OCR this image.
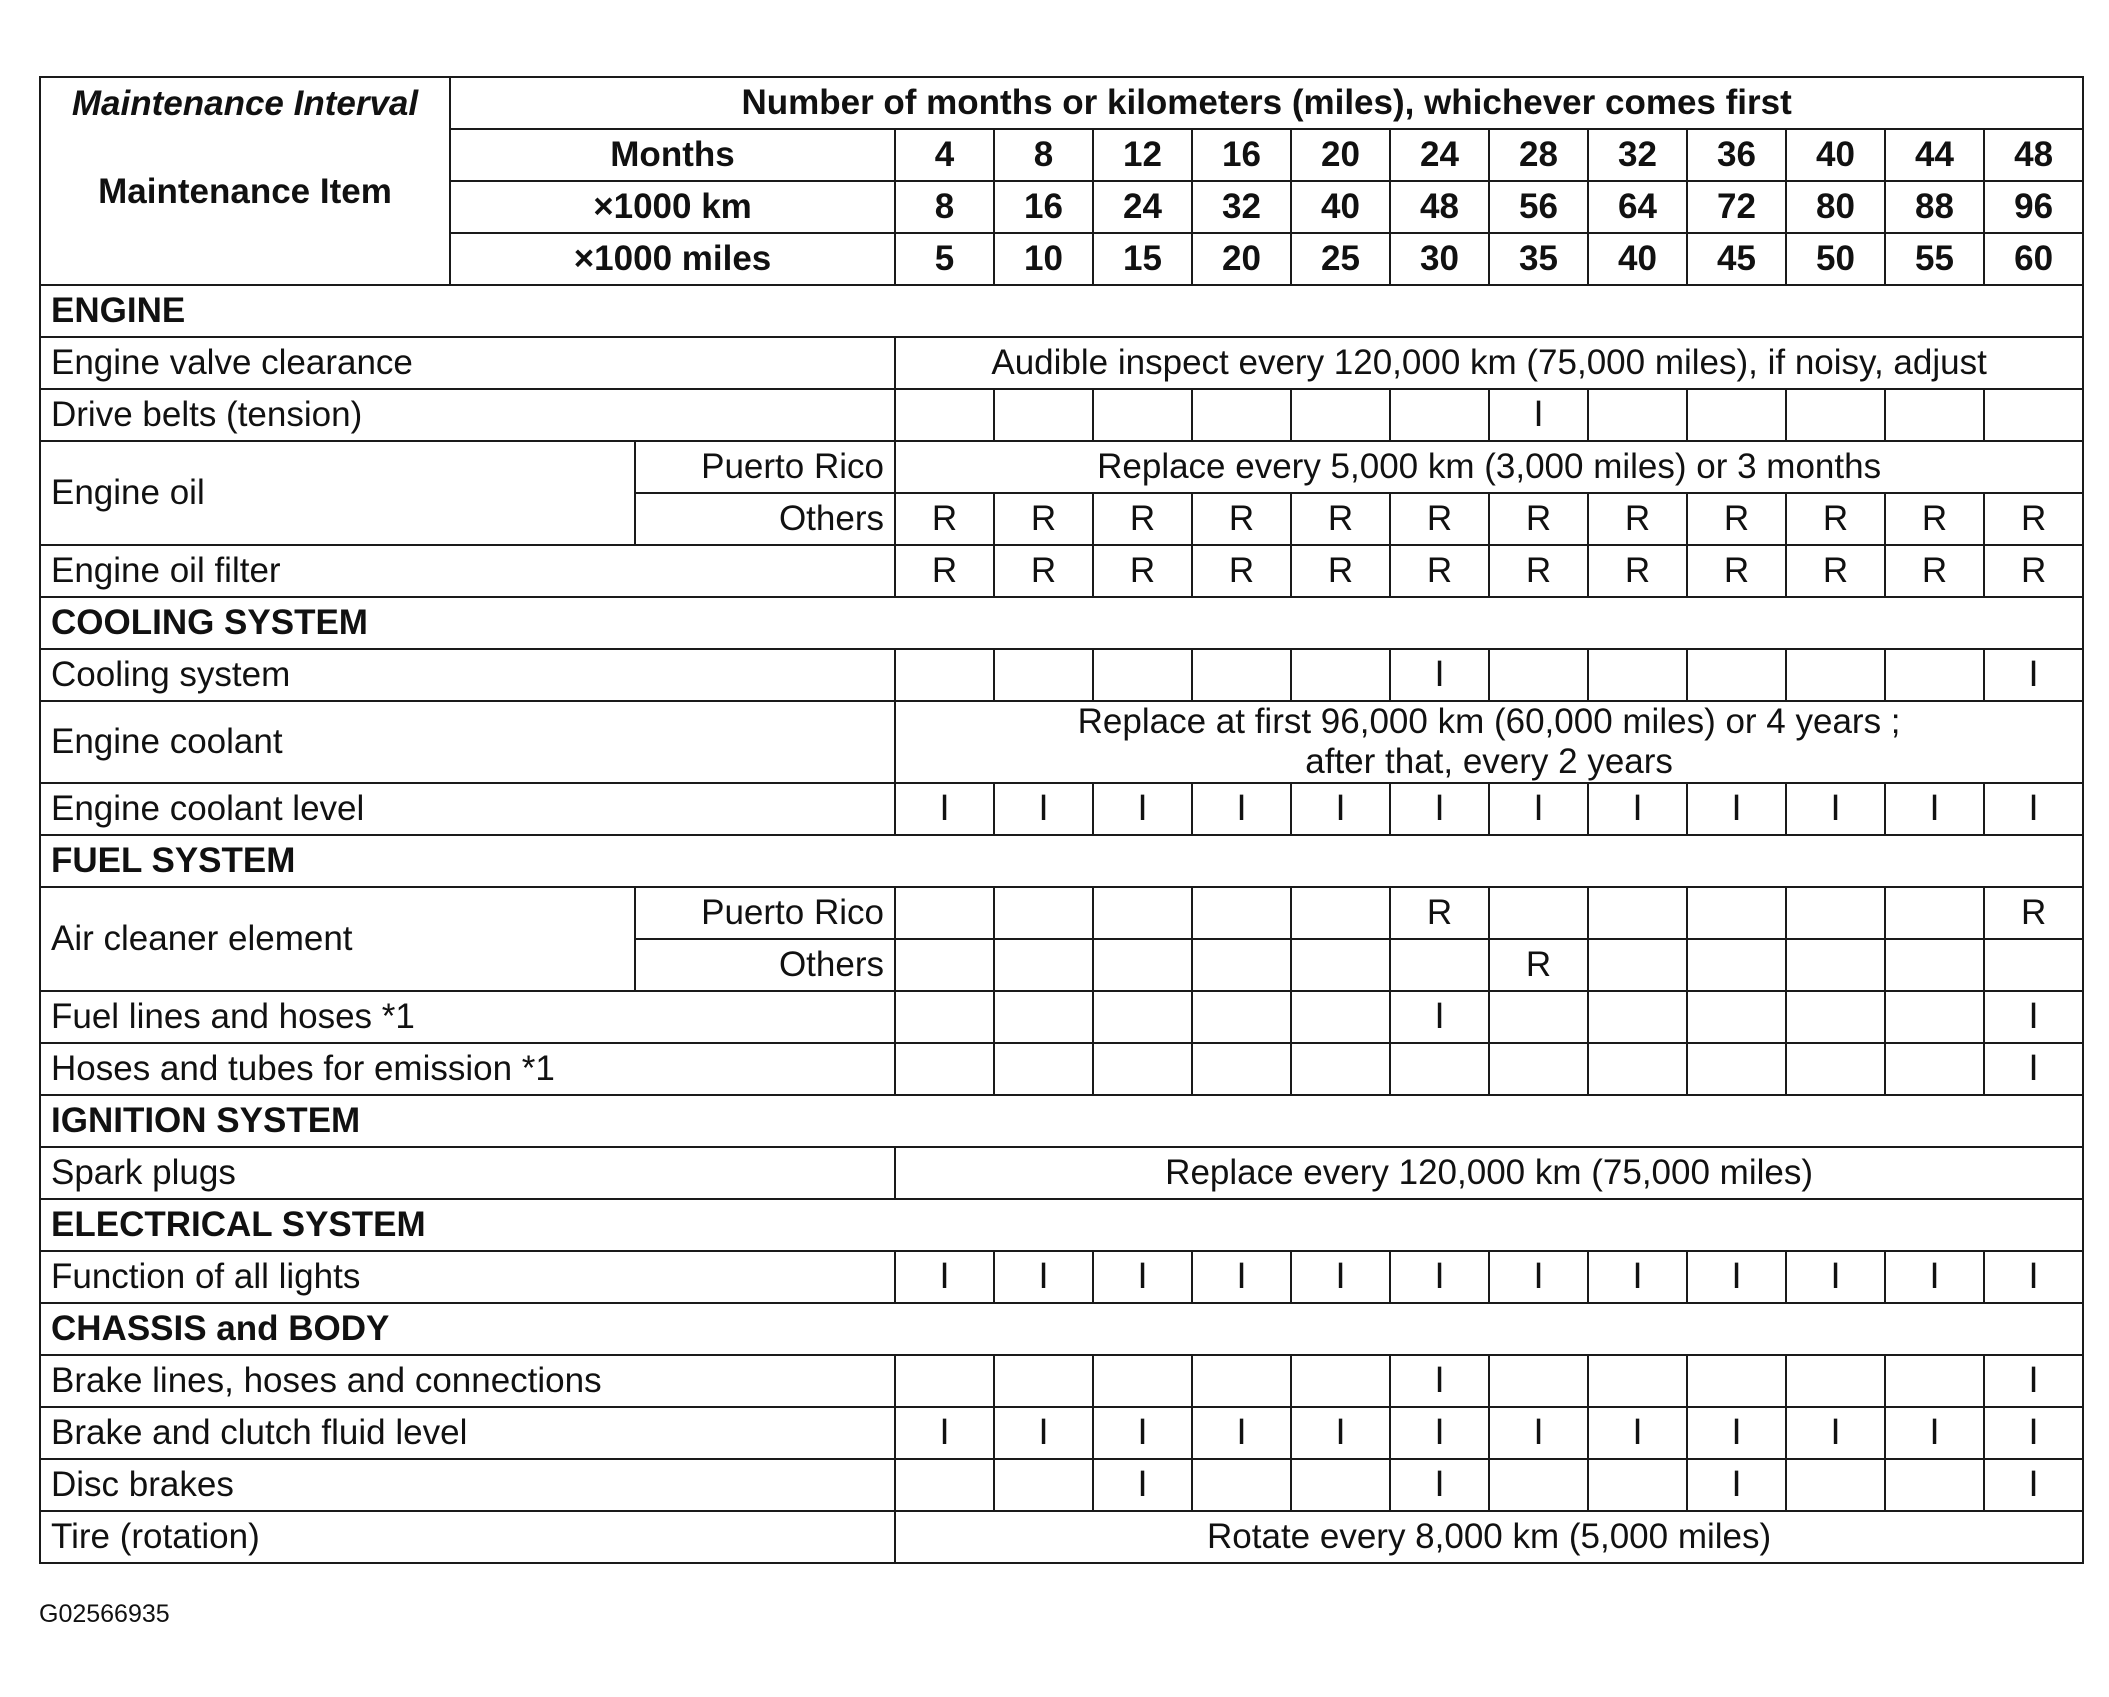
Maintenance Interval
Maintenance Item	Number of months or kilometers (miles), whichever comes first													
	Months		4	8	12	16	20	24	28	32	36	40	44	48
	×1000 km		8	16	24	32	40	48	56	64	72	80	88	96
	×1000 miles		5	10	15	20	25	30	35	40	45	50	55	60
ENGINE														
Engine valve clearance			Audible inspect every 120,000 km (75,000 miles), if noisy, adjust											
Drive belts (tension)									I					
Engine oil		Puerto Rico	Replace every 5,000 km (3,000 miles) or 3 months											
		Others	R	R	R	R	R	R	R	R	R	R	R	R
Engine oil filter			R	R	R	R	R	R	R	R	R	R	R	R
COOLING SYSTEM														
Cooling system								I						I
Engine coolant			Replace at first 96,000 km (60,000 miles) or 4 years ;
after that, every 2 years											

Engine coolant level			I	I	I	I	I	I	I	I	I	I	I	I
FUEL SYSTEM														
Air cleaner element		Puerto Rico						R						R
		Others							R					
Fuel lines and hoses *1								I						I
Hoses and tubes for emission *1														I
IGNITION SYSTEM														
Spark plugs			Replace every 120,000 km (75,000 miles)											
ELECTRICAL SYSTEM														
Function of all lights			I	I	I	I	I	I	I	I	I	I	I	I
CHASSIS and BODY														
Brake lines, hoses and connections								I						I
Brake and clutch fluid level			I	I	I	I	I	I	I	I	I	I	I	I
Disc brakes					I			I			I			I
Tire (rotation)			Rotate every 8,000 km (5,000 miles)											
G02566935
